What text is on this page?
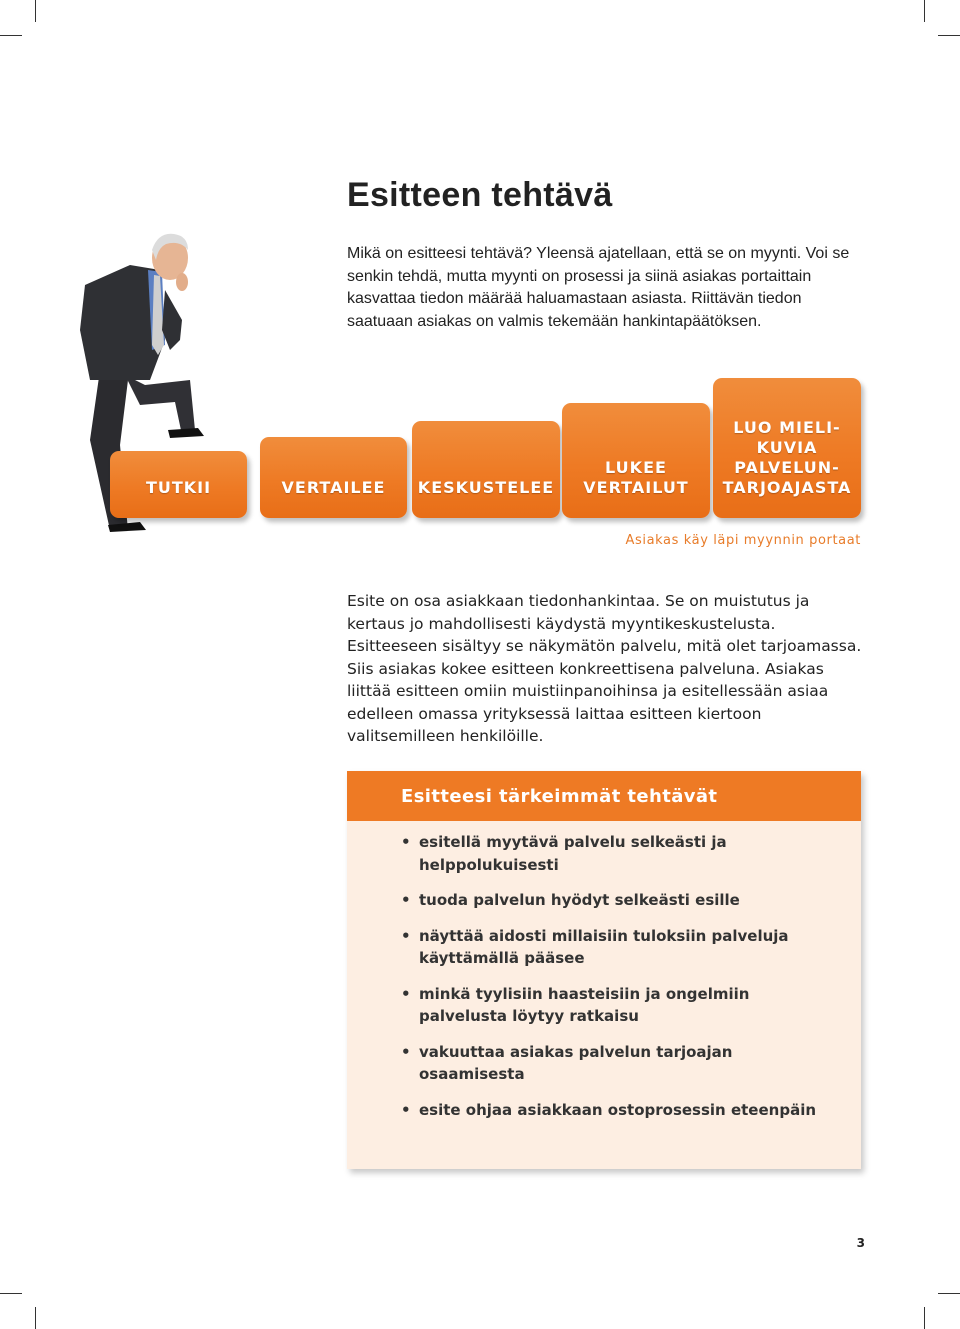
Esitteen tehtävä

Mikä on esitteesi tehtävä? Yleensä ajatellaan, että se on myynti. Voi se senkin tehdä, mutta myynti on prosessi ja siinä asiakas portaittain kasvattaa tiedon määrää haluamastaan asiasta. Riittävän tiedon saatuaan asiakas on valmis tekemään hankintapäätöksen.

TUTKII	VERTAILEE KESKUSTELEE
LUKEE
VERTAILUT
LUO MIELI-
KUVIA
PALVELUN-
TARJOAJASTA

Asiakas käy läpi myynnin portaat

Esite on osa asiakkaan tiedonhankintaa. Se on muistutus ja kertaus jo mahdollisesti käydystä myyntikeskustelusta. Esitteeseen sisältyy se näkymätön palvelu, mitä olet tarjoamassa. Siis asiakas kokee esitteen konkreettisena palveluna. Asiakas liittää esitteen omiin muistiinpanoihinsa ja esitellessään asiaa edelleen omassa yrityksessä laittaa esitteen kiertoon valitsemilleen henkilöille.

Esitteesi tärkeimmät tehtävät
• esitellä myytävä palvelu selkeästi ja helppolukuisesti
• tuoda palvelun hyödyt selkeästi esille
• näyttää aidosti millaisiin tuloksiin palveluja käyttämällä pääsee
• minkä tyylisiin haasteisiin ja ongelmiin palvelusta löytyy ratkaisu
• vakuuttaa asiakas palvelun tarjoajan osaamisesta
• esite ohjaa asiakkaan ostoprosessin eteenpäin
3
